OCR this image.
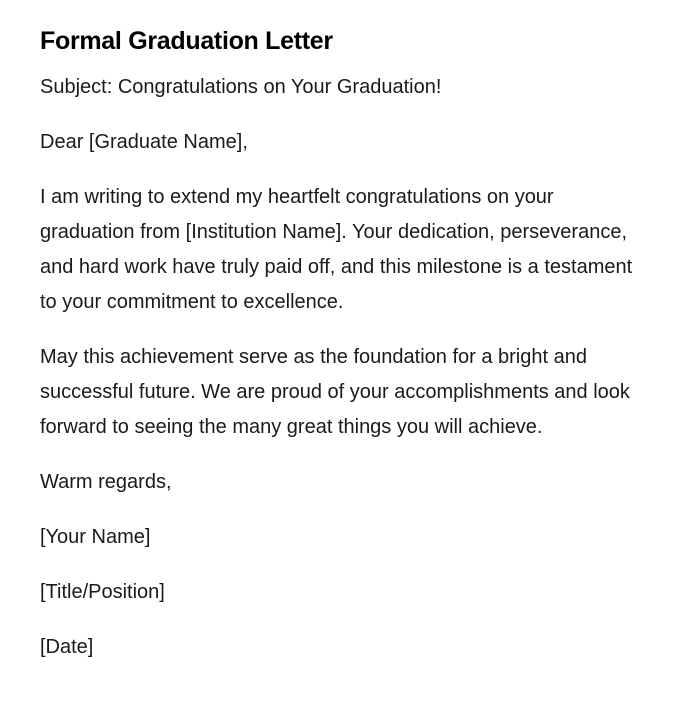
Formal Graduation Letter

Subject: Congratulations on Your Graduation!

Dear [Graduate Name],

I am writing to extend my heartfelt congratulations on your graduation from [Institution Name]. Your dedication, perseverance, and hard work have truly paid off, and this milestone is a testament to your commitment to excellence.

May this achievement serve as the foundation for a bright and successful future. We are proud of your accomplishments and look forward to seeing the many great things you will achieve.

Warm regards,

[Your Name]

[Title/Position]

[Date]
